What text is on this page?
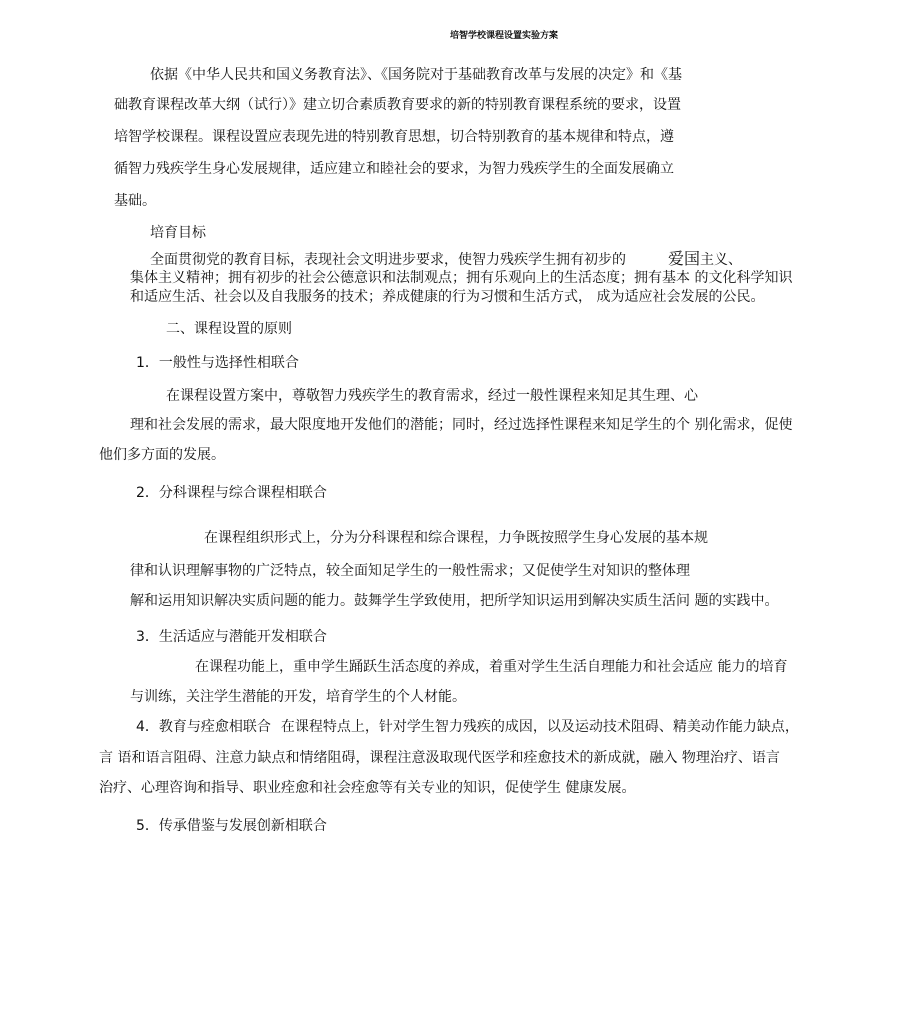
培智学校课程设置实验方案

依据《中华人民共和国义务教育法》、《国务院对于基础教育改革与发展的决定》和《基

础教育课程改革大纲（试行）》建立切合素质教育要求的新的特别教育课程系统的要求，设置

培智学校课程。课程设置应表现先进的特别教育思想，切合特别教育的基本规律和特点，遵

循智力残疾学生身心发展规律，适应建立和睦社会的要求，为智力残疾学生的全面发展确立

基础。

培育目标

全面贯彻党的教育目标，表现社会文明进步要求，使智力残疾学生拥有初步的	爱国主义、

集体主义精神；拥有初步的社会公德意识和法制观点；拥有乐观向上的生活态度；拥有基本 的文化科学知识

和适应生活、社会以及自我服务的技术；养成健康的行为习惯和生活方式， 成为适应社会发展的公民。

二、课程设置的原则
1．一般性与选择性相联合

在课程设置方案中，尊敬智力残疾学生的教育需求，经过一般性课程来知足其生理、心

理和社会发展的需求，最大限度地开发他们的潜能；同时，经过选择性课程来知足学生的个 别化需求，促使

他们多方面的发展。

2．分科课程与综合课程相联合

在课程组织形式上，分为分科课程和综合课程，力争既按照学生身心发展的基本规

律和认识理解事物的广泛特点，较全面知足学生的一般性需求；又促使学生对知识的整体理

解和运用知识解决实质问题的能力。鼓舞学生学致使用，把所学知识运用到解决实质生活问 题的实践中。

3．生活适应与潜能开发相联合

在课程功能上，重申学生踊跃生活态度的养成，着重对学生生活自理能力和社会适应 能力的培育

与训练，关注学生潜能的开发，培育学生的个人材能。

4．教育与痊愈相联合 在课程特点上，针对学生智力残疾的成因，以及运动技术阻碍、精美动作能力缺点，

言 语和语言阻碍、注意力缺点和情绪阻碍，课程注意汲取现代医学和痊愈技术的新成就，融入 物理治疗、语言

治疗、心理咨询和指导、职业痊愈和社会痊愈等有关专业的知识，促使学生 健康发展。

5．传承借鉴与发展创新相联合
